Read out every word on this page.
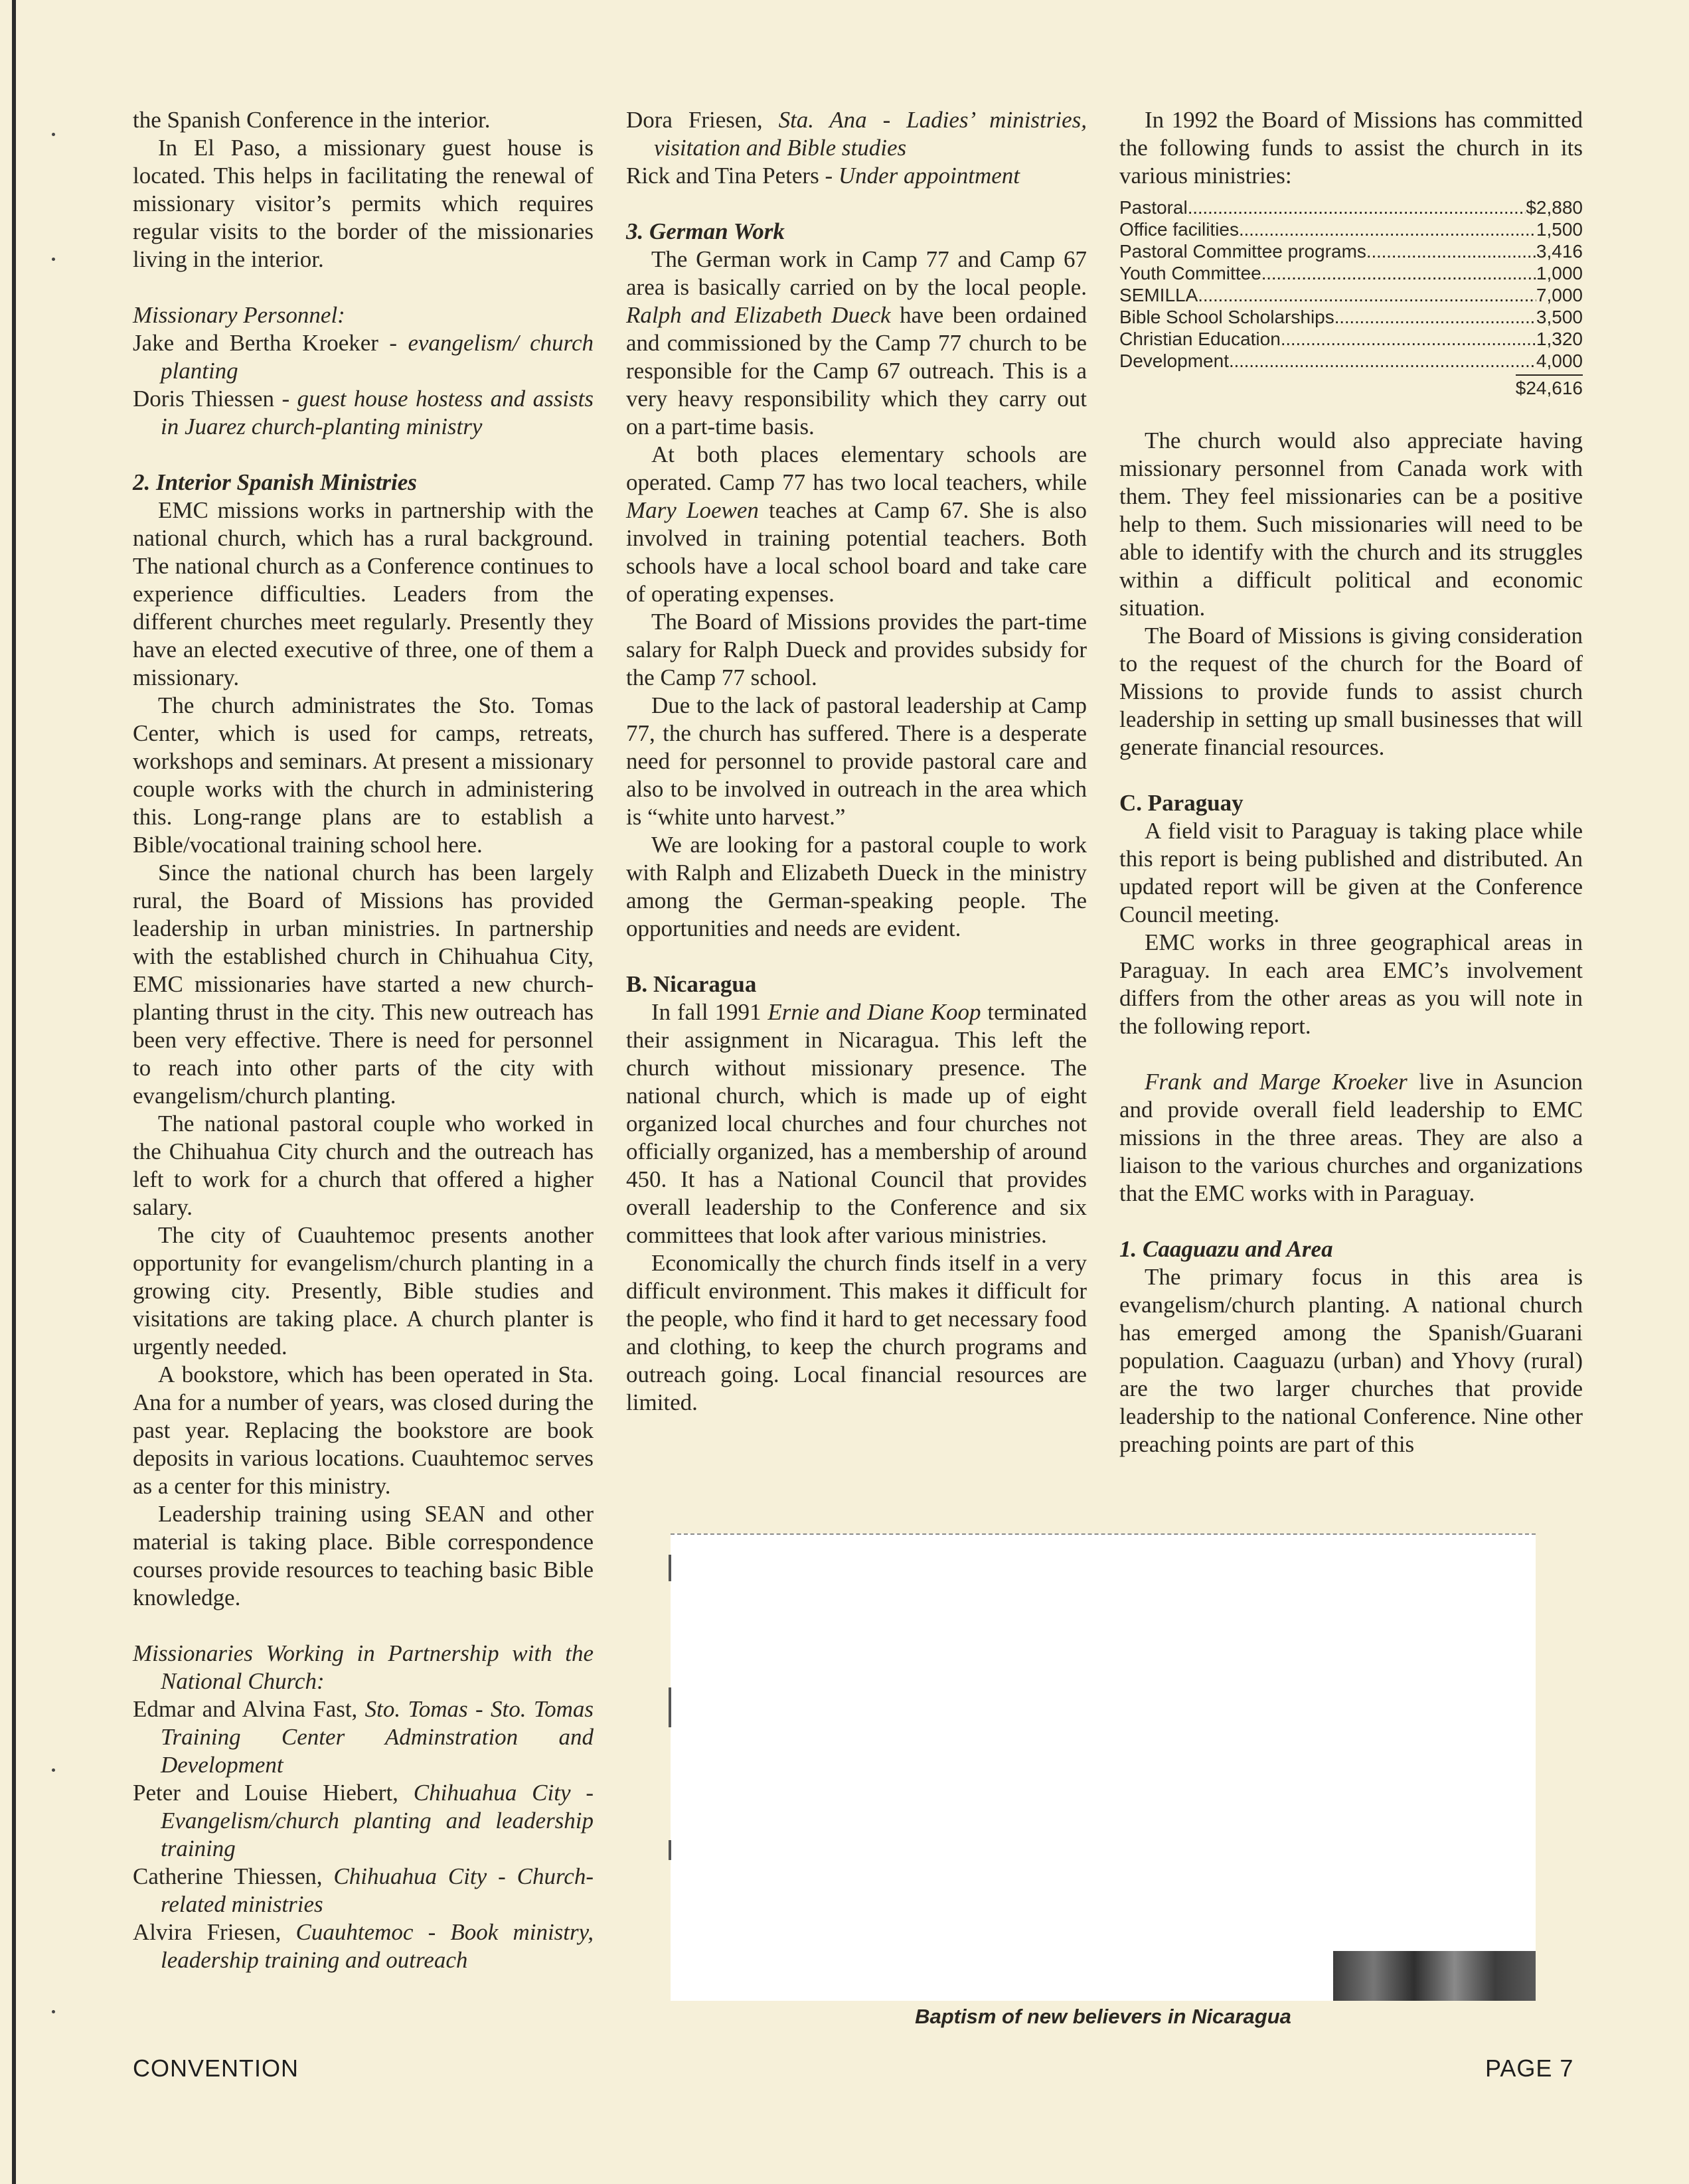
the Spanish Conference in the interior.

In El Paso, a missionary guest house is located. This helps in facilitating the renewal of missionary visitor’s permits which requires regular visits to the border of the missionaries living in the interior.

Missionary Personnel:

Jake and Bertha Kroeker - evangelism/ church planting

Doris Thiessen - guest house hostess and assists in Juarez church-planting ministry

2. Interior Spanish Ministries

EMC missions works in partnership with the national church, which has a rural background. The national church as a Conference continues to experience difficulties. Leaders from the different churches meet regularly. Presently they have an elected executive of three, one of them a missionary.

The church administrates the Sto. Tomas Center, which is used for camps, retreats, workshops and seminars. At present a missionary couple works with the church in administering this. Long-range plans are to establish a Bible/vocational training school here.

Since the national church has been largely rural, the Board of Missions has provided leadership in urban ministries. In partnership with the established church in Chihuahua City, EMC missionaries have started a new church-planting thrust in the city. This new outreach has been very effective. There is need for personnel to reach into other parts of the city with evangelism/church planting.

The national pastoral couple who worked in the Chihuahua City church and the outreach has left to work for a church that offered a higher salary.

The city of Cuauhtemoc presents another opportunity for evangelism/church planting in a growing city. Presently, Bible studies and visitations are taking place. A church planter is urgently needed.

A bookstore, which has been operated in Sta. Ana for a number of years, was closed during the past year. Replacing the bookstore are book deposits in various locations. Cuauhtemoc serves as a center for this ministry.

Leadership training using SEAN and other material is taking place. Bible correspondence courses provide resources to teaching basic Bible knowledge.

Missionaries Working in Partnership with the National Church:

Edmar and Alvina Fast, Sto. Tomas - Sto. Tomas Training Center Adminstration and Development

Peter and Louise Hiebert, Chihuahua City - Evangelism/church planting and leadership training

Catherine Thiessen, Chihuahua City - Church-related ministries

Alvira Friesen, Cuauhtemoc - Book ministry, leadership training and outreach

Dora Friesen, Sta. Ana - Ladies’ ministries, visitation and Bible studies

Rick and Tina Peters - Under appointment

3. German Work

The German work in Camp 77 and Camp 67 area is basically carried on by the local people. Ralph and Elizabeth Dueck have been ordained and commissioned by the Camp 77 church to be responsible for the Camp 67 outreach. This is a very heavy responsibility which they carry out on a part-time basis.

At both places elementary schools are operated. Camp 77 has two local teachers, while Mary Loewen teaches at Camp 67. She is also involved in training potential teachers. Both schools have a local school board and take care of operating expenses.

The Board of Missions provides the part-time salary for Ralph Dueck and provides subsidy for the Camp 77 school.

Due to the lack of pastoral leadership at Camp 77, the church has suffered. There is a desperate need for personnel to provide pastoral care and also to be involved in outreach in the area which is “white unto harvest.”

We are looking for a pastoral couple to work with Ralph and Elizabeth Dueck in the ministry among the German-speaking people. The opportunities and needs are evident.

B. Nicaragua

In fall 1991 Ernie and Diane Koop terminated their assignment in Nicaragua. This left the church without missionary presence. The national church, which is made up of eight organized local churches and four churches not officially organized, has a membership of around 450. It has a National Council that provides overall leadership to the Conference and six committees that look after various ministries.

Economically the church finds itself in a very difficult environment. This makes it difficult for the people, who find it hard to get necessary food and clothing, to keep the church programs and outreach going. Local financial resources are limited.

In 1992 the Board of Missions has committed the following funds to assist the church in its various ministries:

Pastoral . . .	$2,880
Office facilities . . .	1,500
Pastoral Committee programs . . .	3,416
Youth Committee . . .	1,000
SEMILLA . . .	7,000
Bible School Scholarships . . .	3,500
Christian Education . . .	1,320
Development . . .	4,000
$24,616

The church would also appreciate having missionary personnel from Canada work with them. They feel missionaries can be a positive help to them. Such missionaries will need to be able to identify with the church and its struggles within a difficult political and economic situation.

The Board of Missions is giving consideration to the request of the church for the Board of Missions to provide funds to assist church leadership in setting up small businesses that will generate financial resources.

C. Paraguay

A field visit to Paraguay is taking place while this report is being published and distributed. An updated report will be given at the Conference Council meeting.

EMC works in three geographical areas in Paraguay. In each area EMC’s involvement differs from the other areas as you will note in the following report.

Frank and Marge Kroeker live in Asuncion and provide overall field leadership to EMC missions in the three areas. They are also a liaison to the various churches and organizations that the EMC works with in Paraguay.

1. Caaguazu and Area

The primary focus in this area is evangelism/church planting. A national church has emerged among the Spanish/Guarani population. Caaguazu (urban) and Yhovy (rural) are the two larger churches that provide leadership to the national Conference. Nine other preaching points are part of this

Baptism of new believers in Nicaragua
CONVENTION	PAGE 7
